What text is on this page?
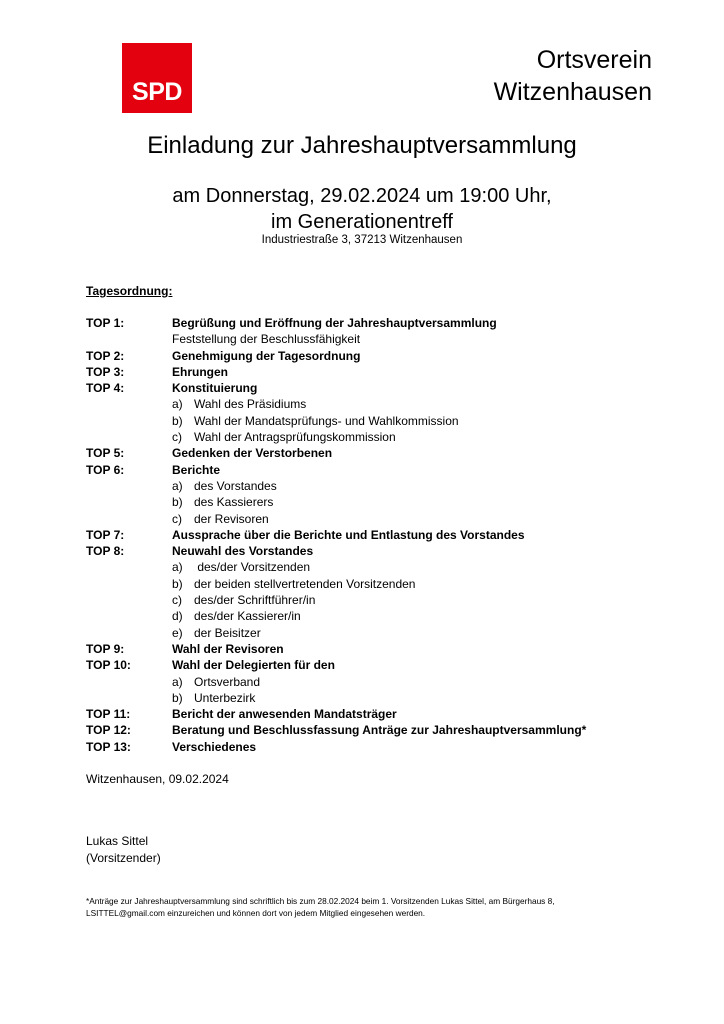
SPD
Ortsverein
Witzenhausen
Einladung zur Jahreshauptversammlung
am Donnerstag, 29.02.2024 um 19:00 Uhr,
im Generationentreff
Industriestraße 3, 37213 Witzenhausen
Tagesordnung:
TOP 1:	Begrüßung und Eröffnung der Jahreshauptversammlung
Feststellung der Beschlussfähigkeit
TOP 2:	Genehmigung der Tagesordnung
TOP 3:	Ehrungen
TOP 4:	Konstituierung
a) Wahl des Präsidiums
b) Wahl der Mandatsprüfungs- und Wahlkommission
c) Wahl der Antragsprüfungskommission
TOP 5:	Gedenken der Verstorbenen
TOP 6:	Berichte
a) des Vorstandes
b) des Kassierers
c) der Revisoren
TOP 7:	Aussprache über die Berichte und Entlastung des Vorstandes
TOP 8:	Neuwahl des Vorstandes
a) des/der Vorsitzenden
b) der beiden stellvertretenden Vorsitzenden
c) des/der Schriftführer/in
d) des/der Kassierer/in
e) der Beisitzer
TOP 9:	Wahl der Revisoren
TOP 10:	Wahl der Delegierten für den
a) Ortsverband
b) Unterbezirk
TOP 11:	Bericht der anwesenden Mandatsträger
TOP 12:	Beratung und Beschlussfassung Anträge zur Jahreshauptversammlung*
TOP 13:	Verschiedenes
Witzenhausen, 09.02.2024
Lukas Sittel
(Vorsitzender)
*Anträge zur Jahreshauptversammlung sind schriftlich bis zum 28.02.2024 beim 1. Vorsitzenden Lukas Sittel, am Bürgerhaus 8,
LSITTEL@gmail.com einzureichen und können dort von jedem Mitglied eingesehen werden.
